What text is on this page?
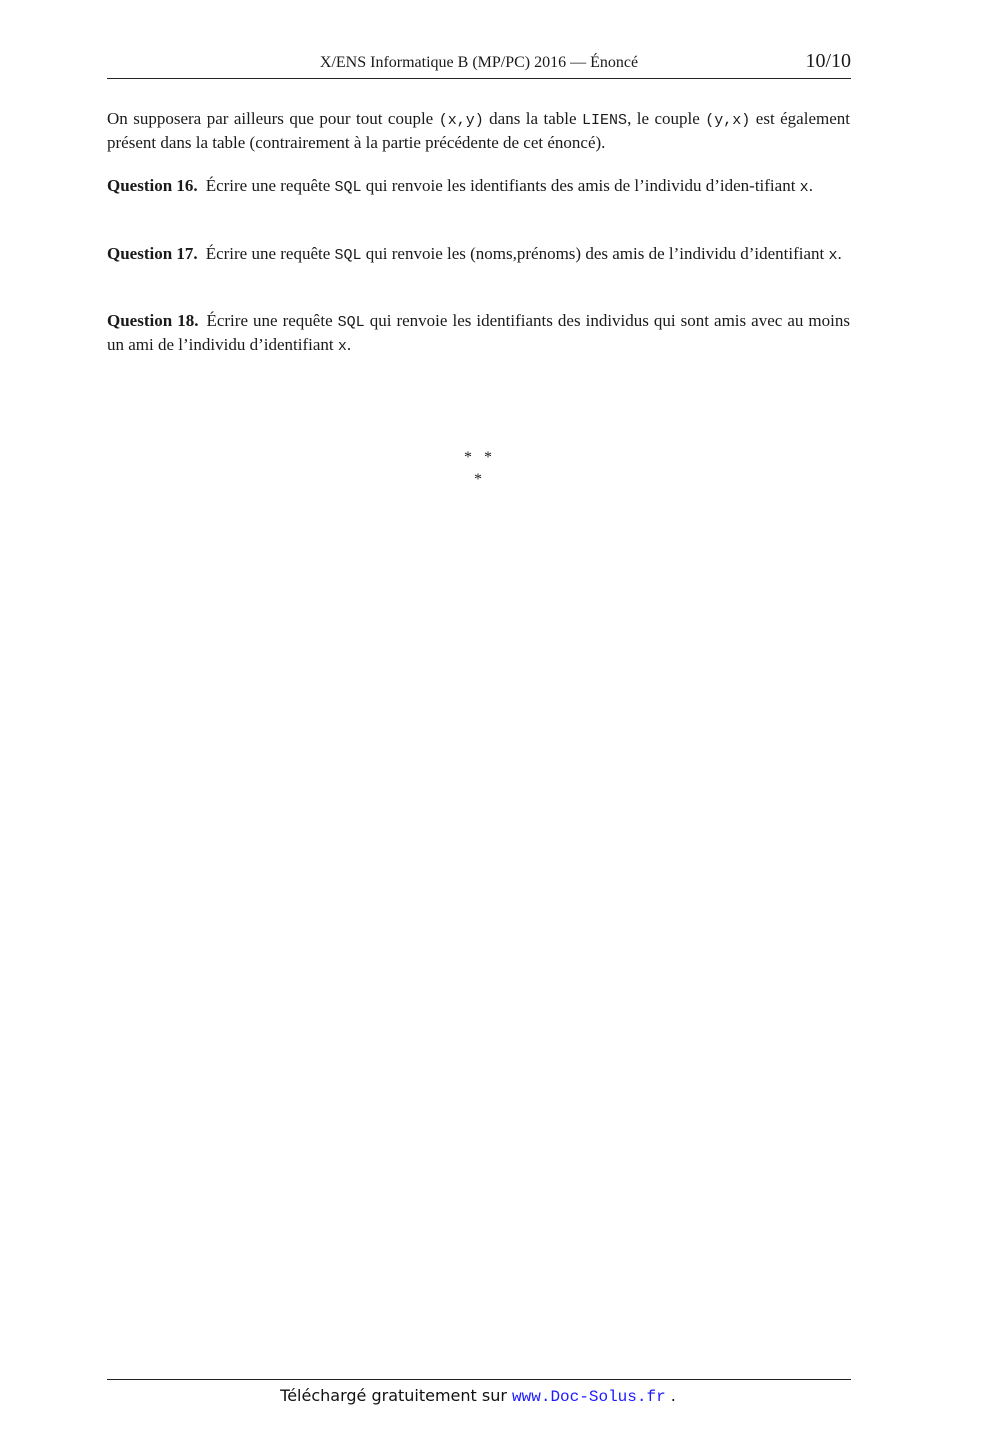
X/ENS Informatique B (MP/PC) 2016 — Énoncé	10/10
On supposera par ailleurs que pour tout couple (x,y) dans la table LIENS, le couple (y,x) est également présent dans la table (contrairement à la partie précédente de cet énoncé).
Question 16. Écrire une requête SQL qui renvoie les identifiants des amis de l’individu d’iden-tifiant x.
Question 17. Écrire une requête SQL qui renvoie les (noms,prénoms) des amis de l’individu d’identifiant x.
Question 18. Écrire une requête SQL qui renvoie les identifiants des individus qui sont amis avec au moins un ami de l’individu d’identifiant x.
*   *
*
Téléchargé gratuitement sur www.Doc-Solus.fr .
